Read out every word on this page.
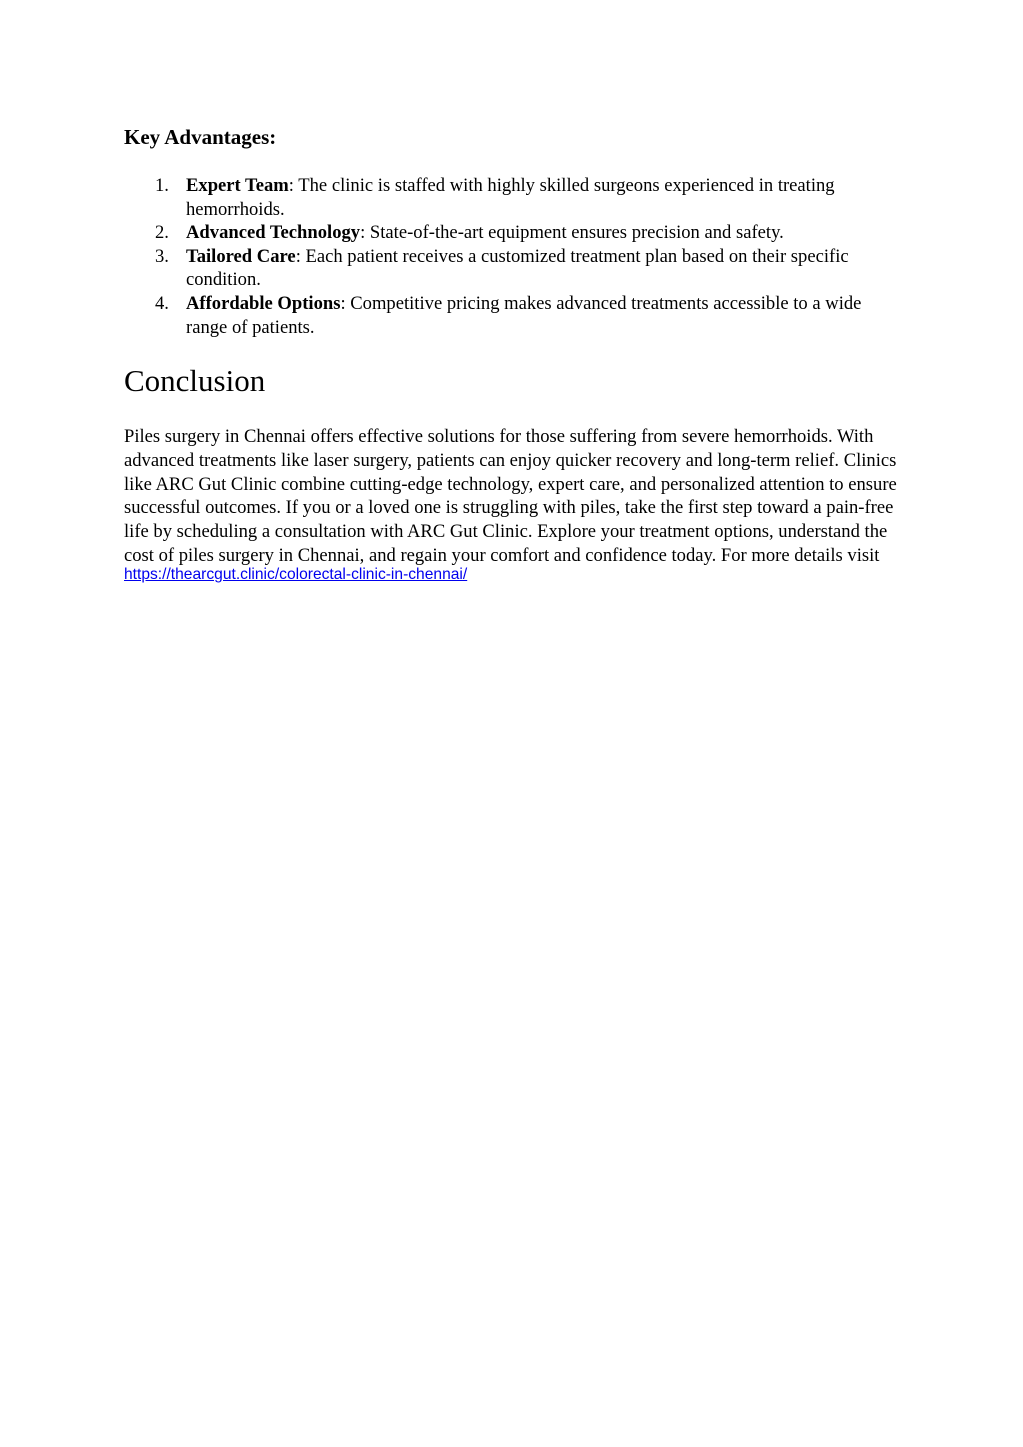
Key Advantages:
1. Expert Team: The clinic is staffed with highly skilled surgeons experienced in treating hemorrhoids.
2. Advanced Technology: State-of-the-art equipment ensures precision and safety.
3. Tailored Care: Each patient receives a customized treatment plan based on their specific condition.
4. Affordable Options: Competitive pricing makes advanced treatments accessible to a wide range of patients.
Conclusion

Piles surgery in Chennai offers effective solutions for those suffering from severe hemorrhoids. With advanced treatments like laser surgery, patients can enjoy quicker recovery and long-term relief. Clinics like ARC Gut Clinic combine cutting-edge technology, expert care, and personalized attention to ensure successful outcomes. If you or a loved one is struggling with piles, take the first step toward a pain-free life by scheduling a consultation with ARC Gut Clinic. Explore your treatment options, understand the cost of piles surgery in Chennai, and regain your comfort and confidence today. For more details visit

https://thearcgut.clinic/colorectal-clinic-in-chennai/
